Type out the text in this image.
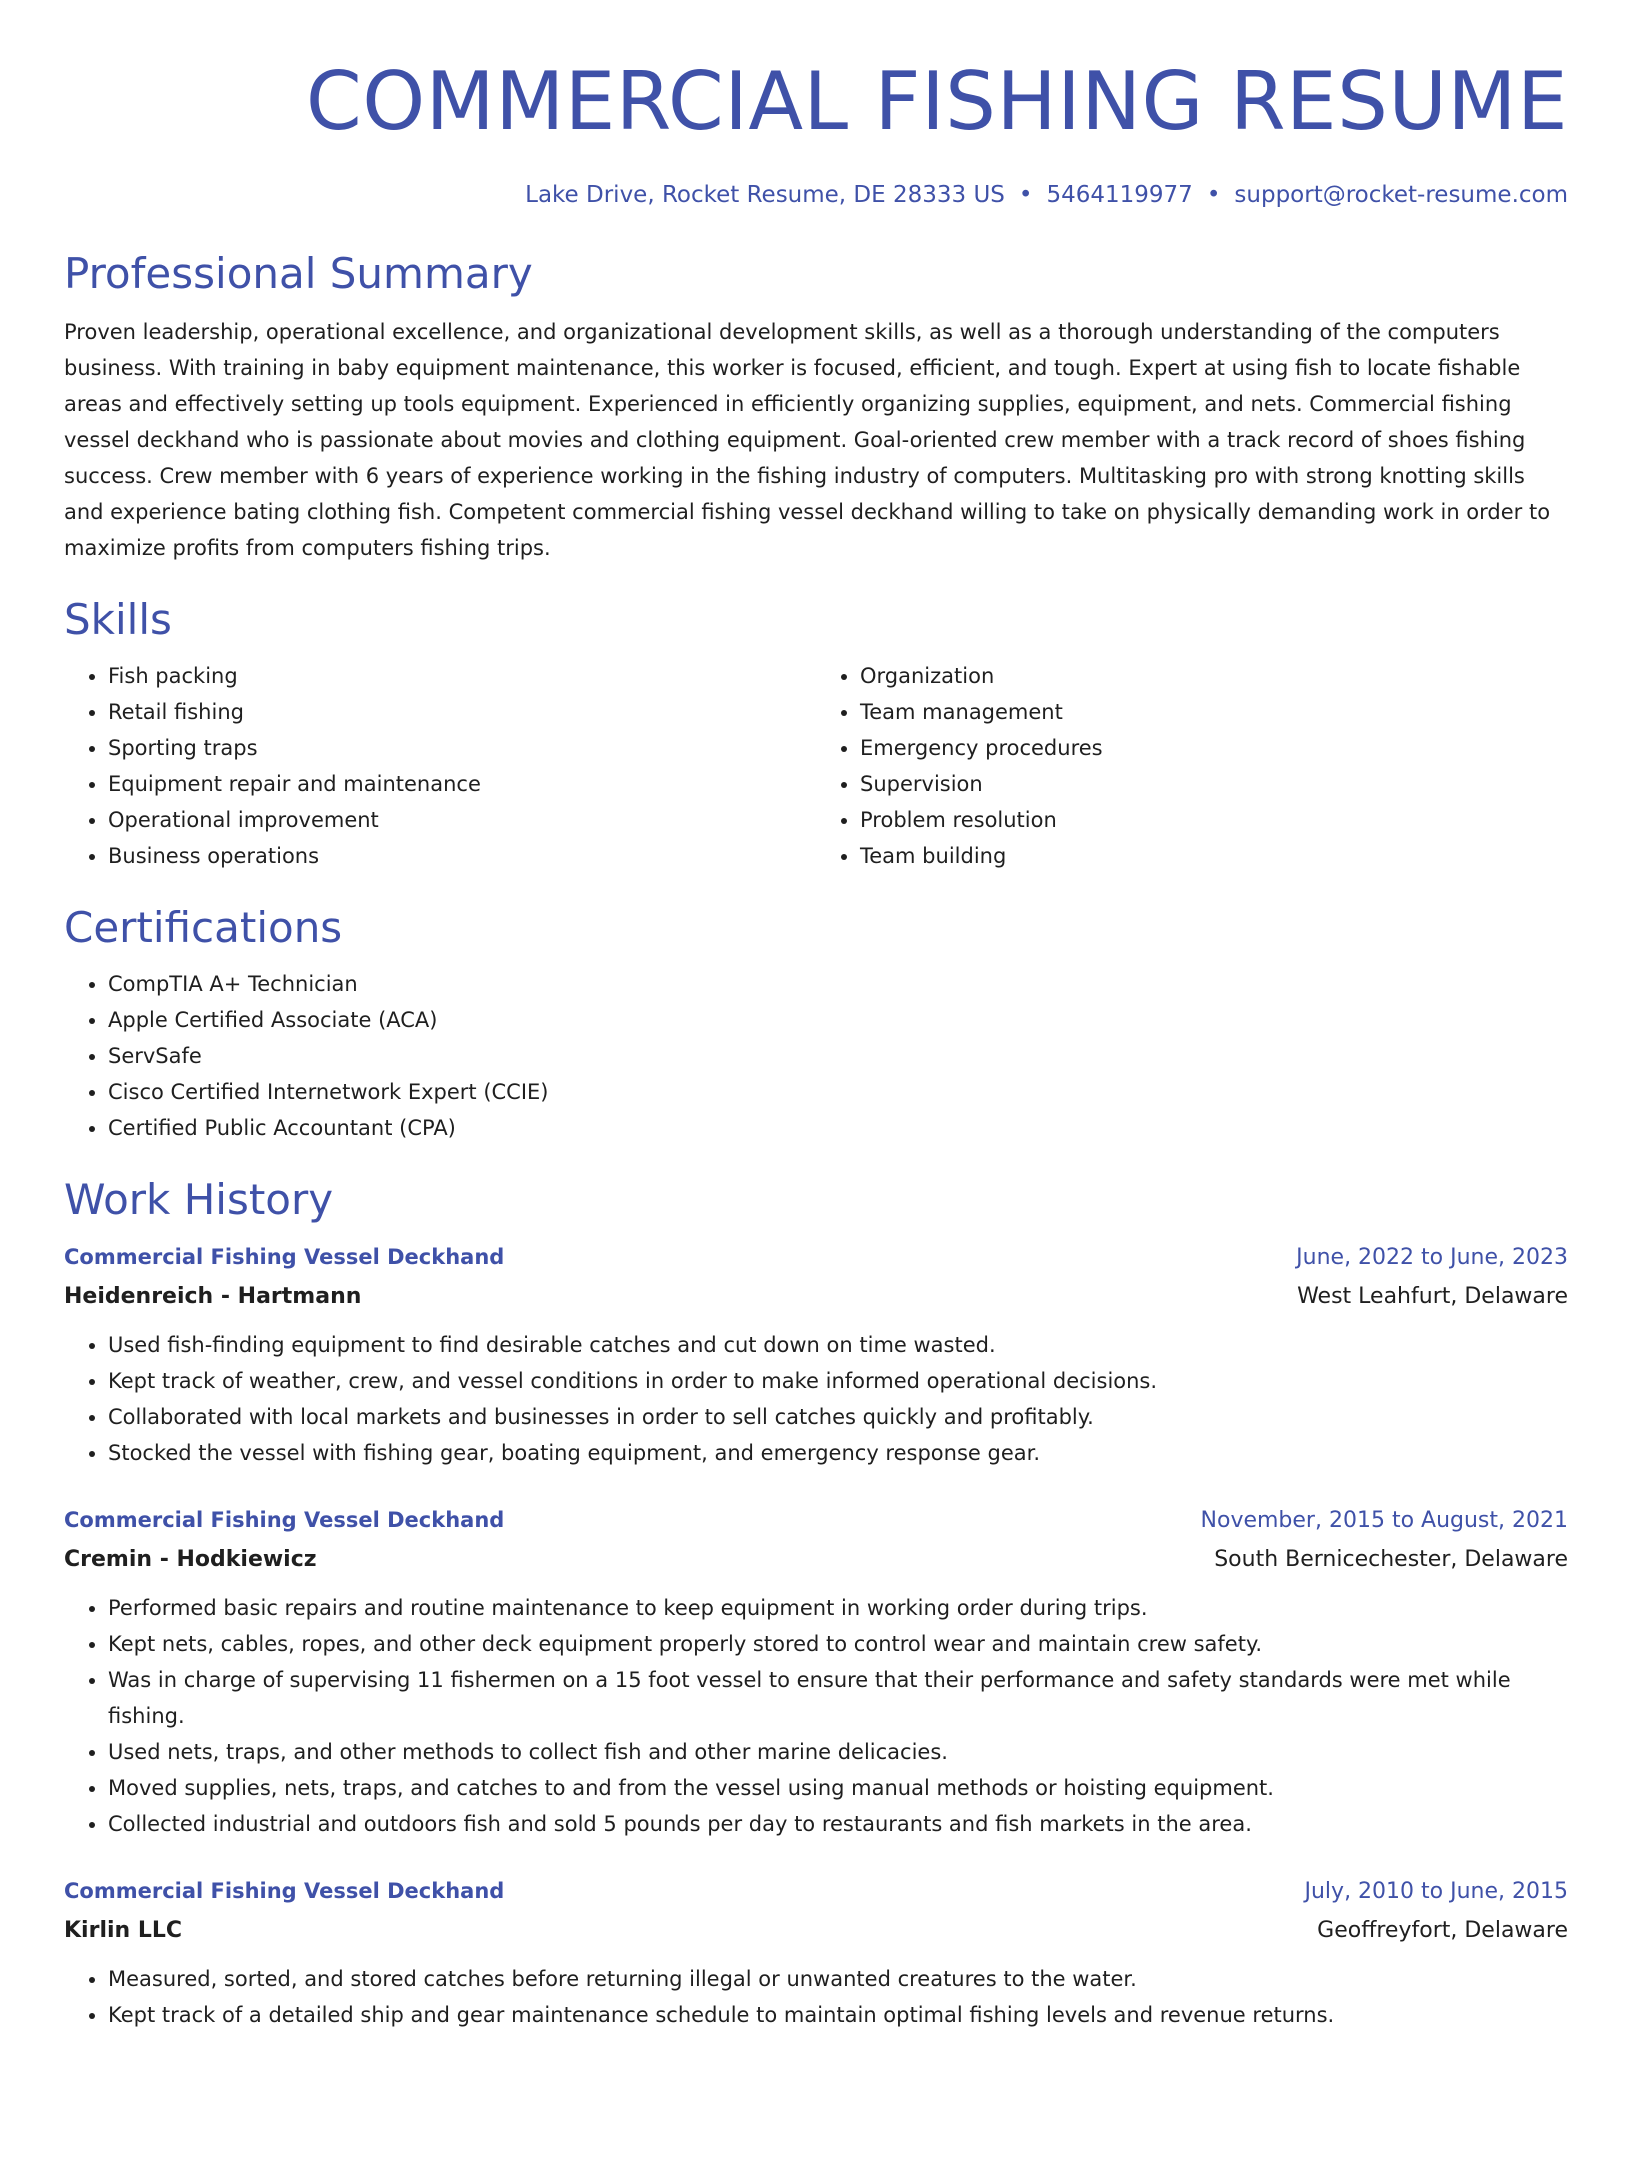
COMMERCIAL FISHING RESUME
Lake Drive, Rocket Resume, DE 28333 US • 5464119977 • support@rocket-resume.com
Professional Summary

Proven leadership, operational excellence, and organizational development skills, as well as a thorough understanding of the computers business. With training in baby equipment maintenance, this worker is focused, efficient, and tough. Expert at using fish to locate fishable areas and effectively setting up tools equipment. Experienced in efficiently organizing supplies, equipment, and nets. Commercial fishing vessel deckhand who is passionate about movies and clothing equipment. Goal-oriented crew member with a track record of shoes fishing success. Crew member with 6 years of experience working in the fishing industry of computers. Multitasking pro with strong knotting skills and experience bating clothing fish. Competent commercial fishing vessel deckhand willing to take on physically demanding work in order to maximize profits from computers fishing trips.

Skills
• Fish packing
• Retail fishing
• Sporting traps
• Equipment repair and maintenance
• Operational improvement
• Business operations
• Organization
• Team management
• Emergency procedures
• Supervision
• Problem resolution
• Team building
Certifications
• CompTIA A+ Technician
• Apple Certified Associate (ACA)
• ServSafe
• Cisco Certified Internetwork Expert (CCIE)
• Certified Public Accountant (CPA)
Work History
Commercial Fishing Vessel Deckhand	June, 2022 to June, 2023
Heidenreich - Hartmann	West Leahfurt, Delaware
• Used fish-finding equipment to find desirable catches and cut down on time wasted.
• Kept track of weather, crew, and vessel conditions in order to make informed operational decisions.
• Collaborated with local markets and businesses in order to sell catches quickly and profitably.
• Stocked the vessel with fishing gear, boating equipment, and emergency response gear.
Commercial Fishing Vessel Deckhand	November, 2015 to August, 2021
Cremin - Hodkiewicz	South Bernicechester, Delaware
• Performed basic repairs and routine maintenance to keep equipment in working order during trips.
• Kept nets, cables, ropes, and other deck equipment properly stored to control wear and maintain crew safety.
• Was in charge of supervising 11 fishermen on a 15 foot vessel to ensure that their performance and safety standards were met while fishing.
• Used nets, traps, and other methods to collect fish and other marine delicacies.
• Moved supplies, nets, traps, and catches to and from the vessel using manual methods or hoisting equipment.
• Collected industrial and outdoors fish and sold 5 pounds per day to restaurants and fish markets in the area.
Commercial Fishing Vessel Deckhand	July, 2010 to June, 2015
Kirlin LLC	Geoffreyfort, Delaware
• Measured, sorted, and stored catches before returning illegal or unwanted creatures to the water.
• Kept track of a detailed ship and gear maintenance schedule to maintain optimal fishing levels and revenue returns.
